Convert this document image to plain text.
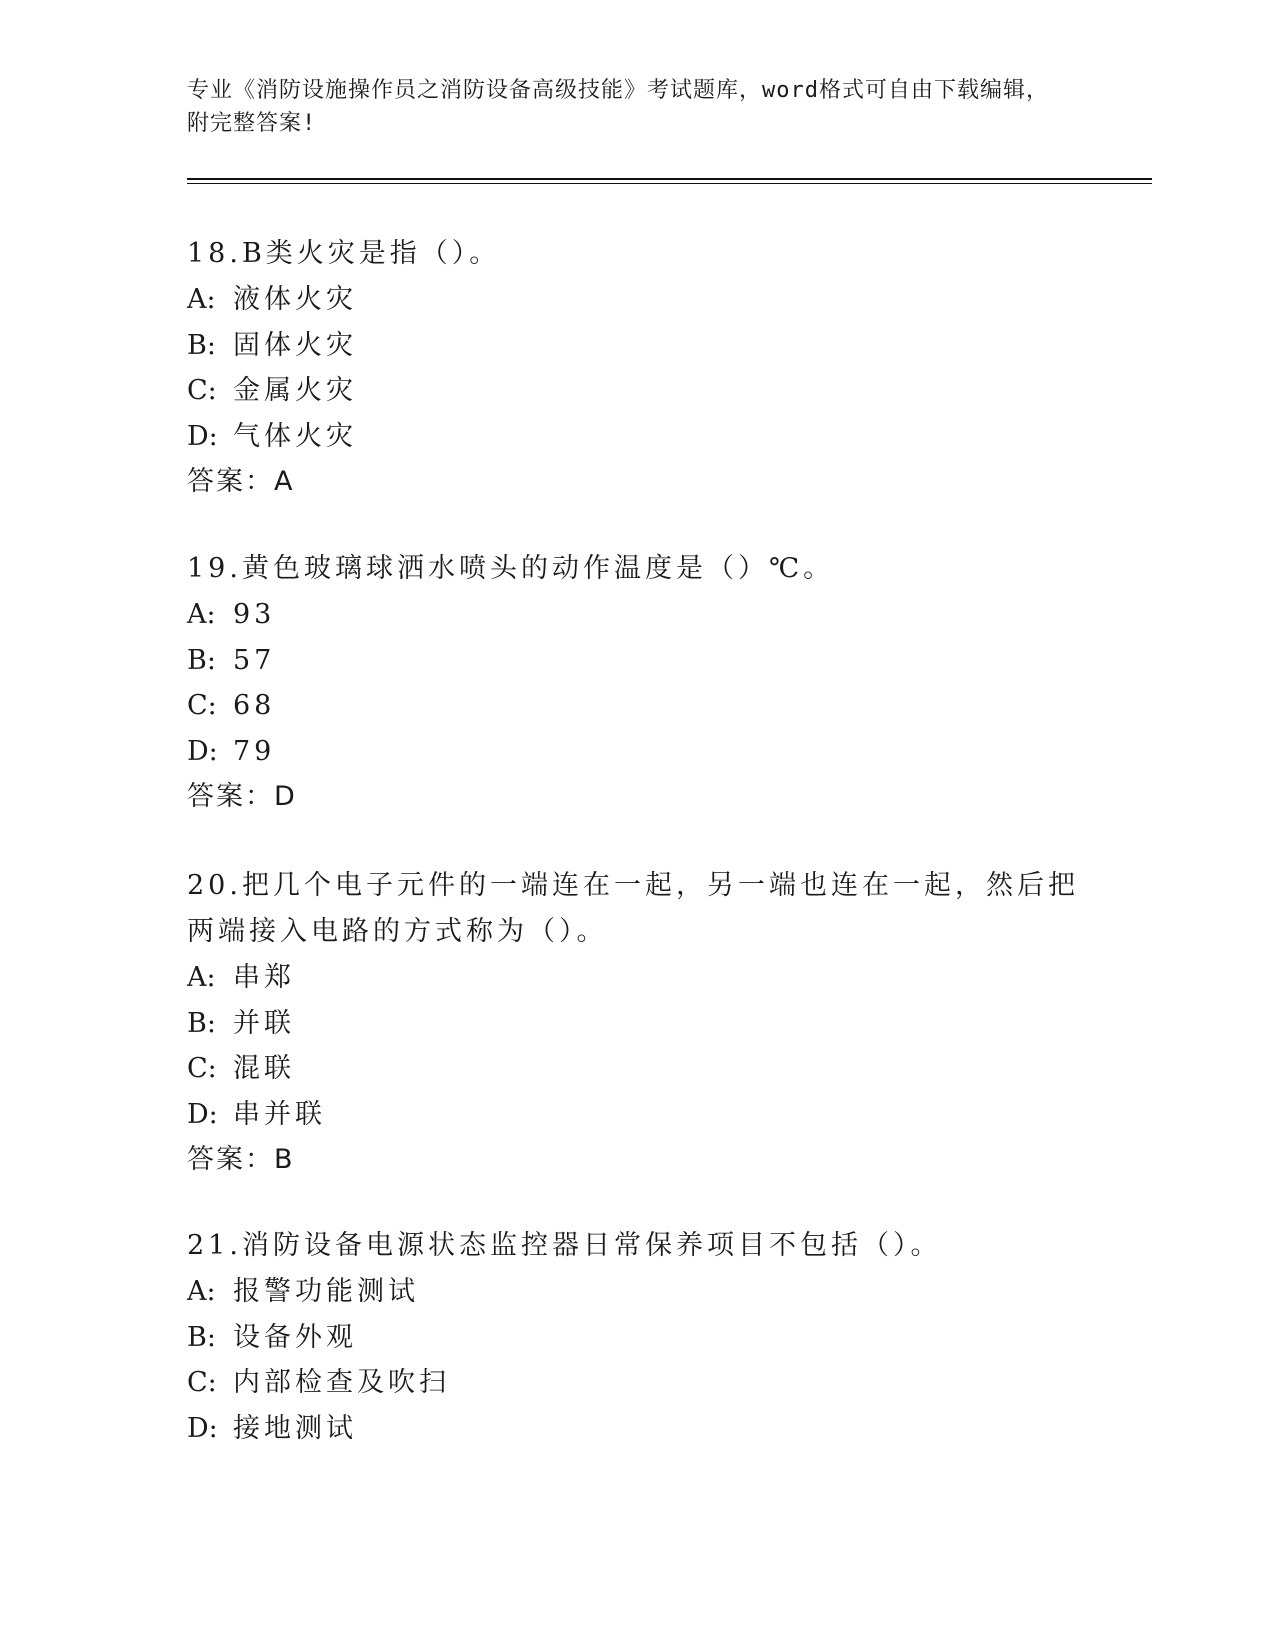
专业《消防设施操作员之消防设备高级技能》考试题库，word格式可自由下载编辑，附完整答案!

18.B类火灾是指（）。

A: 液体火灾

B: 固体火灾

C: 金属火灾

D: 气体火灾

答案：A

19.黄色玻璃球洒水喷头的动作温度是（）℃。

A: 93

B: 57

C: 68

D: 79

答案：D

20.把几个电子元件的一端连在一起，另一端也连在一起，然后把两端接入电路的方式称为（）。

A: 串郑

B: 并联

C: 混联

D: 串并联

答案：B

21.消防设备电源状态监控器日常保养项目不包括（）。

A: 报警功能测试

B: 设备外观

C: 内部检查及吹扫

D: 接地测试
